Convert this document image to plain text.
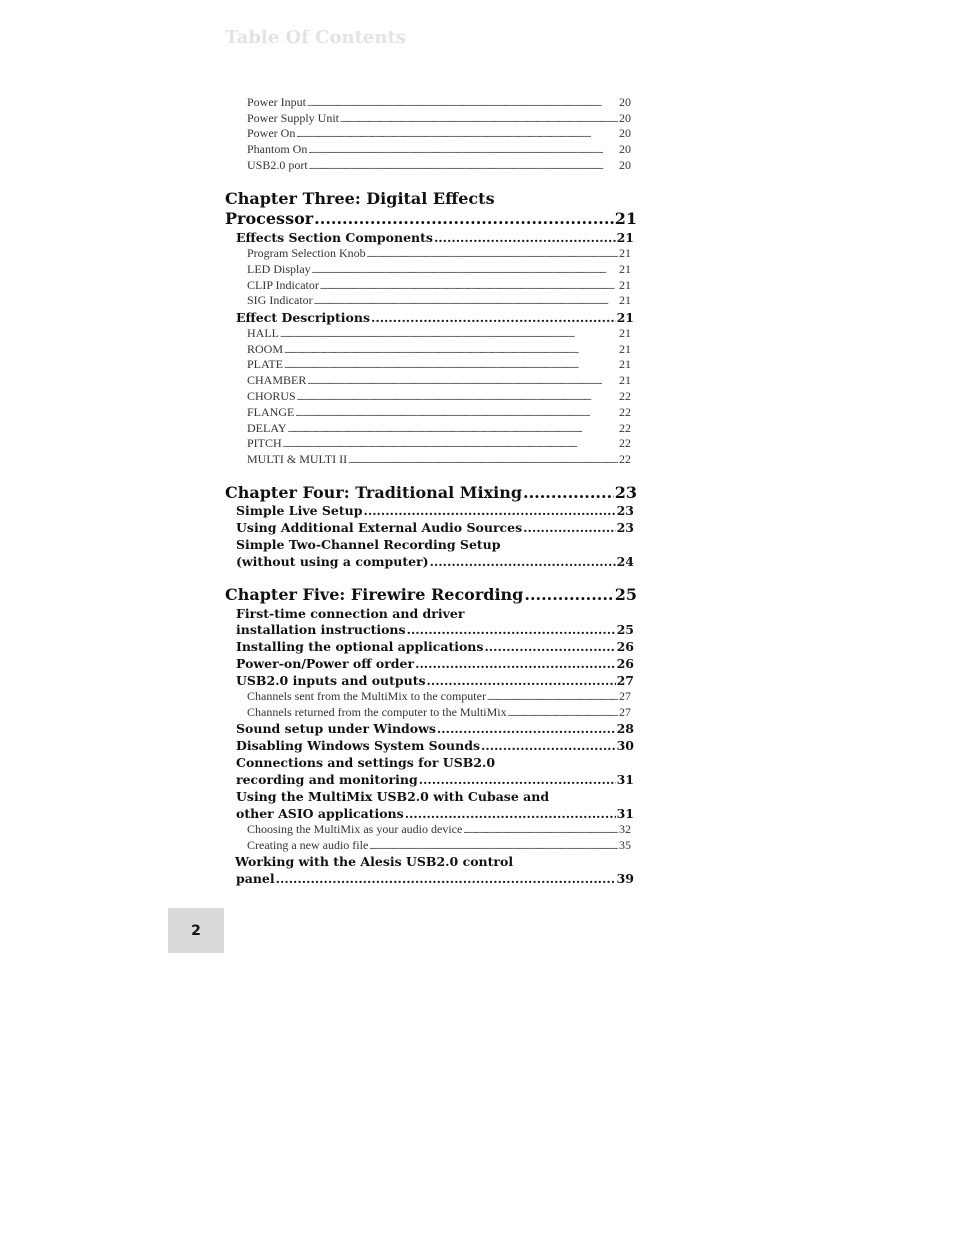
Table Of Contents
Power Input .....	20
Power Supply Unit .....	20
Power On .....	20
Phantom On .....	20
USB2.0 port .....	20
Chapter Three: Digital Effects
Processor .....	21
Effects Section Components .....	21
Program Selection Knob .....	21
LED Display .....	21
CLIP Indicator .....	21
SIG Indicator .....	21
Effect Descriptions .....	21
HALL .....	21
ROOM .....	21
PLATE .....	21
CHAMBER .....	21
CHORUS .....	22
FLANGE .....	22
DELAY .....	22
PITCH .....	22
MULTI & MULTI II .....	22
Chapter Four: Traditional Mixing .....	23
Simple Live Setup .....	23
Using Additional External Audio Sources .....	23
Simple Two-Channel Recording Setup
(without using a computer) .....	24
Chapter Five: Firewire Recording .....	25
First-time connection and driver
installation instructions .....	25
Installing the optional applications .....	26
Power-on/Power off order .....	26
USB2.0 inputs and outputs .....	27
Channels sent from the MultiMix to the computer .....	27
Channels returned from the computer to the MultiMix .....	27
Sound setup under Windows .....	28
Disabling Windows System Sounds .....	30
Connections and settings for USB2.0
recording and monitoring .....	31
Using the MultiMix USB2.0 with Cubase and
other ASIO applications .....	31
Choosing the MultiMix as your audio device .....	32
Creating a new audio file .....	35
Working with the Alesis USB2.0 control
panel .....	39
2
